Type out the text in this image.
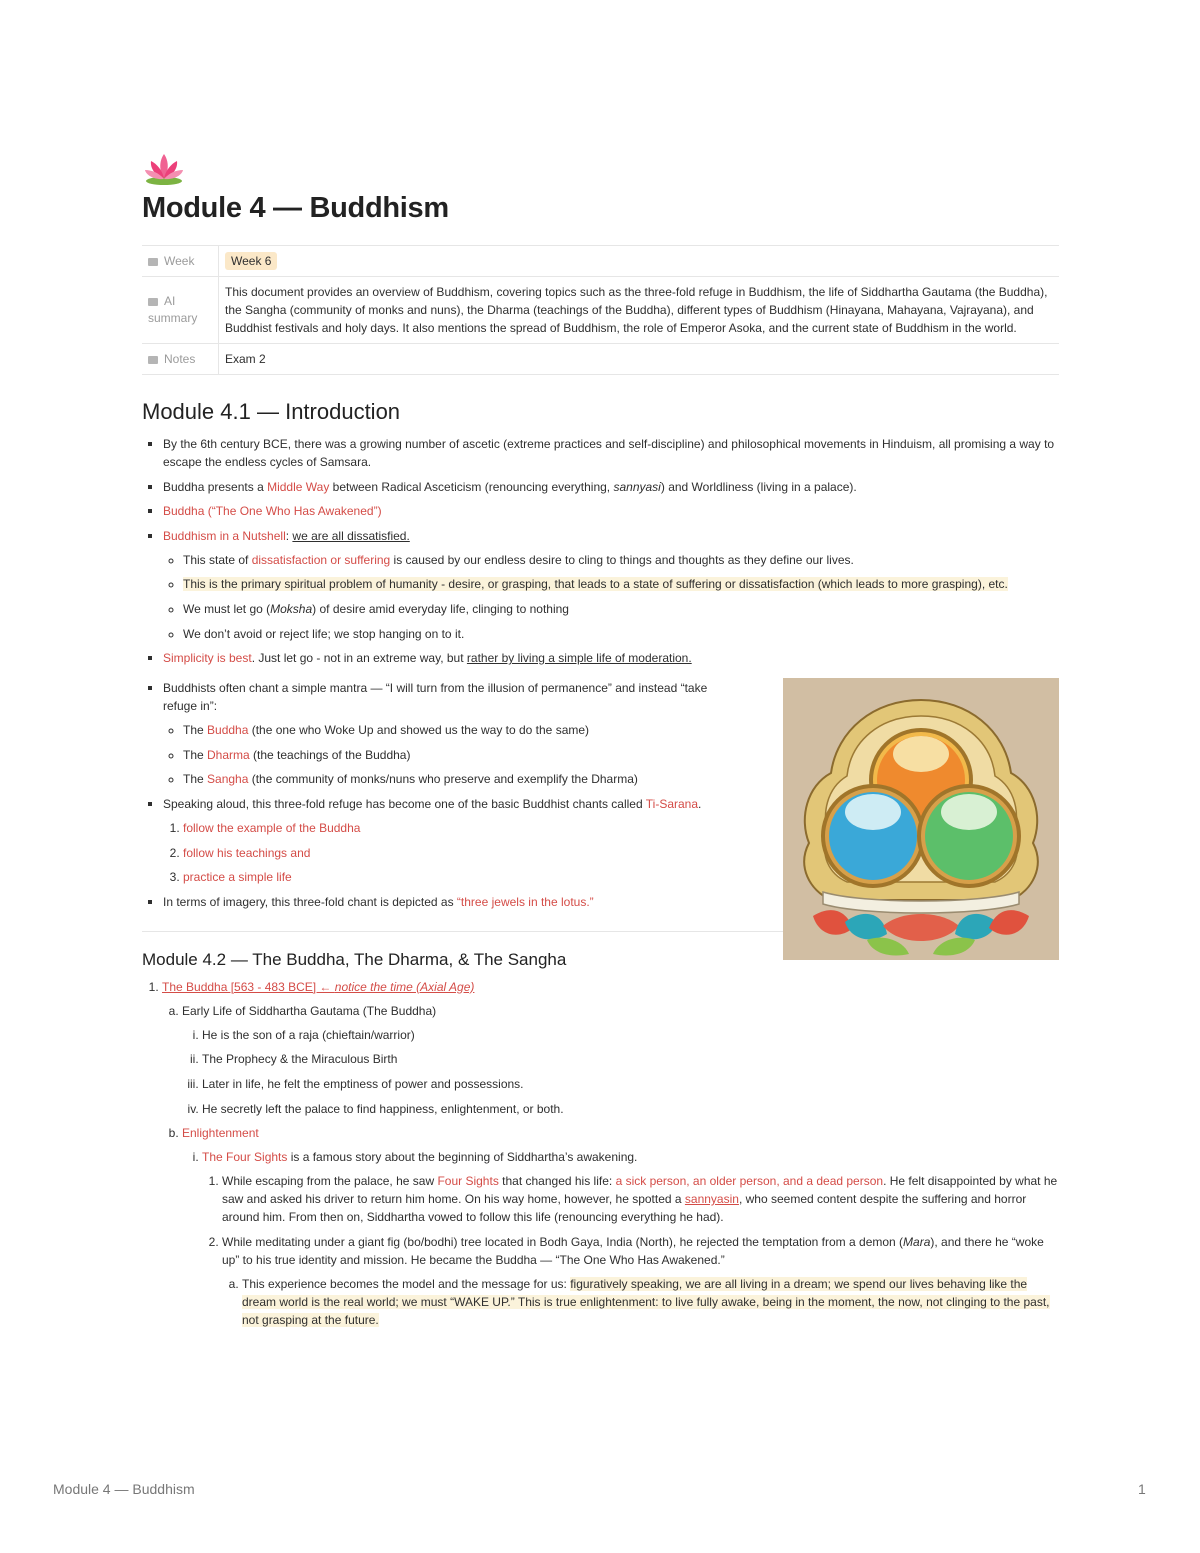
Module 4 — Buddhism
Week	Week 6
AI summary	This document provides an overview of Buddhism, covering topics such as the three-fold refuge in Buddhism, the life of Siddhartha Gautama (the Buddha), the Sangha (community of monks and nuns), the Dharma (teachings of the Buddha), different types of Buddhism (Hinayana, Mahayana, Vajrayana), and Buddhist festivals and holy days. It also mentions the spread of Buddhism, the role of Emperor Asoka, and the current state of Buddhism in the world.
Notes	Exam 2
Module 4.1 — Introduction
By the 6th century BCE, there was a growing number of ascetic (extreme practices and self-discipline) and philosophical movements in Hinduism, all promising a way to escape the endless cycles of Samsara.
Buddha presents a Middle Way between Radical Asceticism (renouncing everything, sannyasi) and Worldliness (living in a palace).
Buddha (“The One Who Has Awakened”)
Buddhism in a Nutshell: we are all dissatisfied.
◦ This state of dissatisfaction or suffering is caused by our endless desire to cling to things and thoughts as they define our lives.
◦ This is the primary spiritual problem of humanity - desire, or grasping, that leads to a state of suffering or dissatisfaction (which leads to more grasping), etc.
◦ We must let go (Moksha) of desire amid everyday life, clinging to nothing
◦ We don’t avoid or reject life; we stop hanging on to it.
Simplicity is best. Just let go - not in an extreme way, but rather by living a simple life of moderation.
Buddhists often chant a simple mantra — “I will turn from the illusion of permanence” and instead “take refuge in”:
◦ The Buddha (the one who Woke Up and showed us the way to do the same)
◦ The Dharma (the teachings of the Buddha)
◦ The Sangha (the community of monks/nuns who preserve and exemplify the Dharma)
Speaking aloud, this three-fold refuge has become one of the basic Buddhist chants called Ti-Sarana.
1. follow the example of the Buddha
2. follow his teachings and
3. practice a simple life
In terms of imagery, this three-fold chant is depicted as “three jewels in the lotus.”
Module 4.2 — The Buddha, The Dharma, & The Sangha
1. The Buddha [563 - 483 BCE] ← notice the time (Axial Age)
a. Early Life of Siddhartha Gautama (The Buddha)
i. He is the son of a raja (chieftain/warrior)
ii. The Prophecy & the Miraculous Birth
iii. Later in life, he felt the emptiness of power and possessions.
iv. He secretly left the palace to find happiness, enlightenment, or both.
b. Enlightenment
i. The Four Sights is a famous story about the beginning of Siddhartha’s awakening.
1. While escaping from the palace, he saw Four Sights that changed his life: a sick person, an older person, and a dead person. He felt disappointed by what he saw and asked his driver to return him home. On his way home, however, he spotted a sannyasin, who seemed content despite the suffering and horror around him. From then on, Siddhartha vowed to follow this life (renouncing everything he had).
2. While meditating under a giant fig (bo/bodhi) tree located in Bodh Gaya, India (North), he rejected the temptation from a demon (Mara), and there he “woke up” to his true identity and mission. He became the Buddha — “The One Who Has Awakened.”
a. This experience becomes the model and the message for us: figuratively speaking, we are all living in a dream; we spend our lives behaving like the dream world is the real world; we must “WAKE UP.” This is true enlightenment: to live fully awake, being in the moment, the now, not clinging to the past, not grasping at the future.
Module 4 — Buddhism	1
